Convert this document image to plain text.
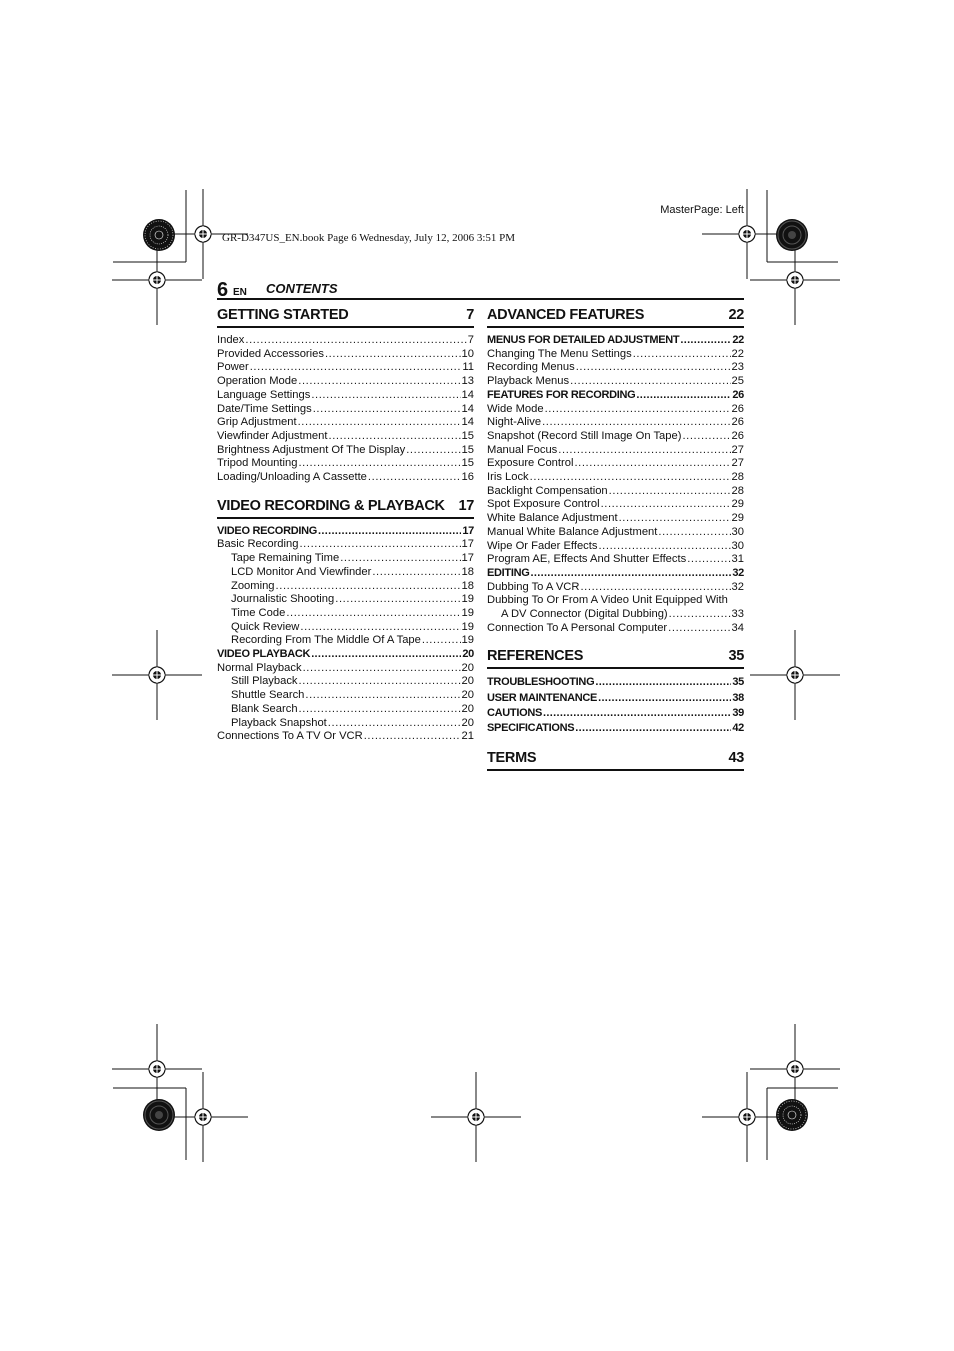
MasterPage: Left
GR-D347US_EN.book Page 6 Wednesday, July 12, 2006 3:51 PM
6 EN CONTENTS
GETTING STARTED	7
Index .....	7
Provided Accessories .....	10
Power .....	11
Operation Mode .....	13
Language Settings .....	14
Date/Time Settings .....	14
Grip Adjustment .....	14
Viewfinder Adjustment .....	15
Brightness Adjustment Of The Display .....	15
Tripod Mounting .....	15
Loading/Unloading A Cassette .....	16
VIDEO RECORDING & PLAYBACK 17
VIDEO RECORDING .....	17
Basic Recording .....	17
Tape Remaining Time .....	17
LCD Monitor And Viewfinder .....	18
Zooming .....	18
Journalistic Shooting .....	19
Time Code .....	19
Quick Review .....	19
Recording From The Middle Of A Tape .....	19
VIDEO PLAYBACK .....	20
Normal Playback .....	20
Still Playback .....	20
Shuttle Search .....	20
Blank Search .....	20
Playback Snapshot .....	20
Connections To A TV Or VCR .....	21
ADVANCED FEATURES	22
MENUS FOR DETAILED ADJUSTMENT .....	22
Changing The Menu Settings .....	22
Recording Menus .....	23
Playback Menus .....	25
FEATURES FOR RECORDING .....	26
Wide Mode .....	26
Night-Alive .....	26
Snapshot (Record Still Image On Tape) .....	26
Manual Focus .....	27
Exposure Control .....	27
Iris Lock .....	28
Backlight Compensation .....	28
Spot Exposure Control .....	29
White Balance Adjustment .....	29
Manual White Balance Adjustment .....	30
Wipe Or Fader Effects .....	30
Program AE, Effects And Shutter Effects .....	31
EDITING .....	32
Dubbing To A VCR .....	32
Dubbing To Or From A Video Unit Equipped With
A DV Connector (Digital Dubbing) .....	33
Connection To A Personal Computer .....	34
REFERENCES	35
TROUBLESHOOTING .....	35
USER MAINTENANCE .....	38
CAUTIONS .....	39
SPECIFICATIONS .....	42
TERMS	43
